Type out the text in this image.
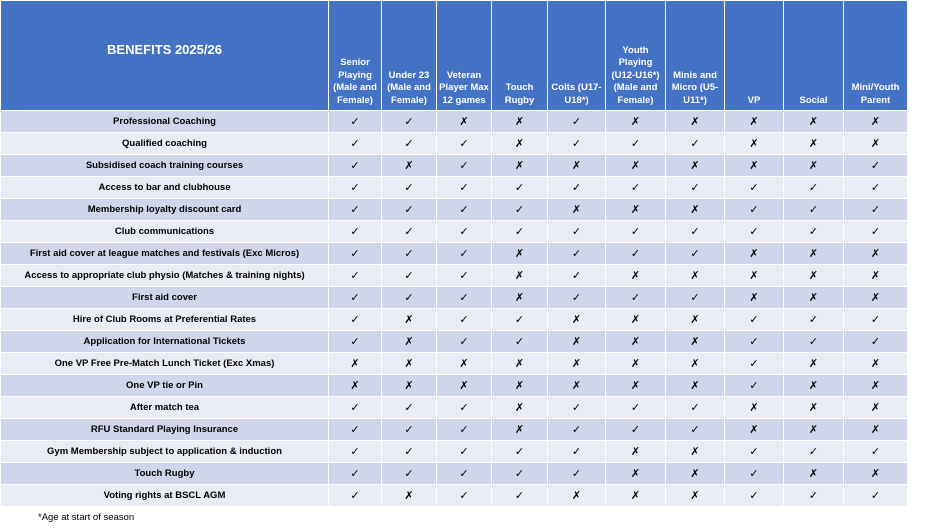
BENEFITS 2025/26	Senior Playing (Male and Female)	Under 23 (Male and Female)	Veteran Player Max 12 games	Touch Rugby	Colts (U17-U18*)	Youth Playing (U12-U16*) (Male and Female)	Minis and Micro (U5-U11*)	VP	Social	Mini/Youth Parent
Professional Coaching	✓	✓	✗	✗	✓	✗	✗	✗	✗	✗
Qualified coaching	✓	✓	✓	✗	✓	✓	✓	✗	✗	✗
Subsidised coach training courses	✓	✗	✓	✗	✗	✗	✗	✗	✗	✓
Access to bar and clubhouse	✓	✓	✓	✓	✓	✓	✓	✓	✓	✓
Membership loyalty discount card	✓	✓	✓	✓	✗	✗	✗	✓	✓	✓
Club communications	✓	✓	✓	✓	✓	✓	✓	✓	✓	✓
First aid cover at league matches and festivals (Exc Micros)	✓	✓	✓	✗	✓	✓	✓	✗	✗	✗
Access to appropriate club physio (Matches & training nights)	✓	✓	✓	✗	✓	✗	✗	✗	✗	✗
First aid cover	✓	✓	✓	✗	✓	✓	✓	✗	✗	✗
Hire of Club Rooms at Preferential Rates	✓	✗	✓	✓	✗	✗	✗	✓	✓	✓
Application for International Tickets	✓	✗	✓	✓	✗	✗	✗	✓	✓	✓
One VP Free Pre-Match Lunch Ticket (Exc Xmas)	✗	✗	✗	✗	✗	✗	✗	✓	✗	✗
One VP tie or Pin	✗	✗	✗	✗	✗	✗	✗	✓	✗	✗
After match tea	✓	✓	✓	✗	✓	✓	✓	✗	✗	✗
RFU Standard Playing Insurance	✓	✓	✓	✗	✓	✓	✓	✗	✗	✗
Gym Membership subject to application & induction	✓	✓	✓	✓	✓	✗	✗	✓	✓	✓
Touch Rugby	✓	✓	✓	✓	✓	✗	✗	✓	✗	✗
Voting rights at BSCL AGM	✓	✗	✓	✓	✗	✗	✗	✓	✓	✓
*Age at start of season
